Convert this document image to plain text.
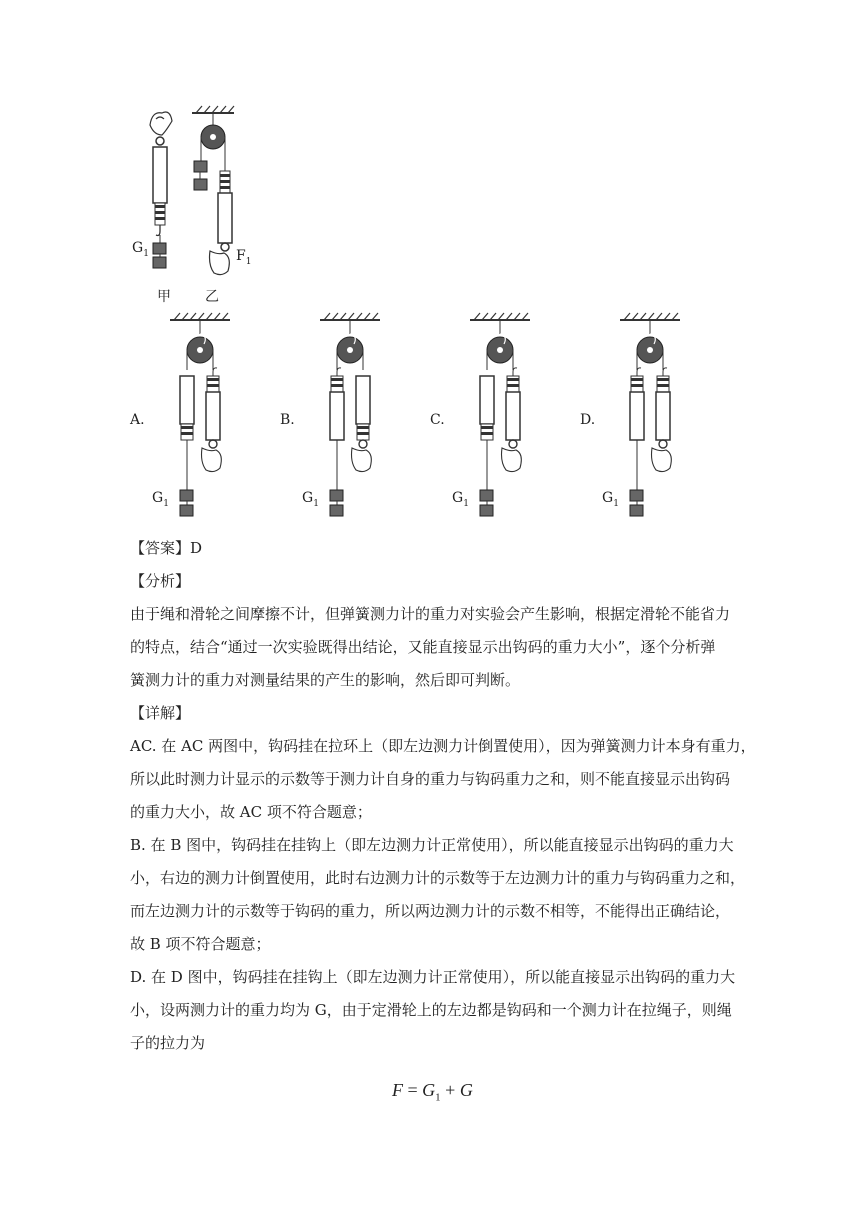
$G_1$
甲
$F_1$
乙
A.
$G_1$
B.
$G_1$
C.
$G_1$
D.
$G_1$
【答案】D
【分析】
由于绳和滑轮之间摩擦不计，但弹簧测力计的重力对实验会产生影响，根据定滑轮不能省力
的特点，结合“通过一次实验既得出结论，又能直接显示出钩码的重力大小”，逐个分析弹
簧测力计的重力对测量结果的产生的影响，然后即可判断。
【详解】
AC. 在 AC 两图中，钩码挂在拉环上（即左边测力计倒置使用），因为弹簧测力计本身有重力，
所以此时测力计显示的示数等于测力计自身的重力与钩码重力之和，则不能直接显示出钩码
的重力大小，故 AC 项不符合题意；
B. 在 B 图中，钩码挂在挂钩上（即左边测力计正常使用），所以能直接显示出钩码的重力大
小，右边的测力计倒置使用，此时右边测力计的示数等于左边测力计的重力与钩码重力之和，
而左边测力计的示数等于钩码的重力，所以两边测力计的示数不相等，不能得出正确结论，
故 B 项不符合题意；
D. 在 D 图中，钩码挂在挂钩上（即左边测力计正常使用），所以能直接显示出钩码的重力大
小，设两测力计的重力均为 G，由于定滑轮上的左边都是钩码和一个测力计在拉绳子，则绳
子的拉力为
$F = G_1 + G$
